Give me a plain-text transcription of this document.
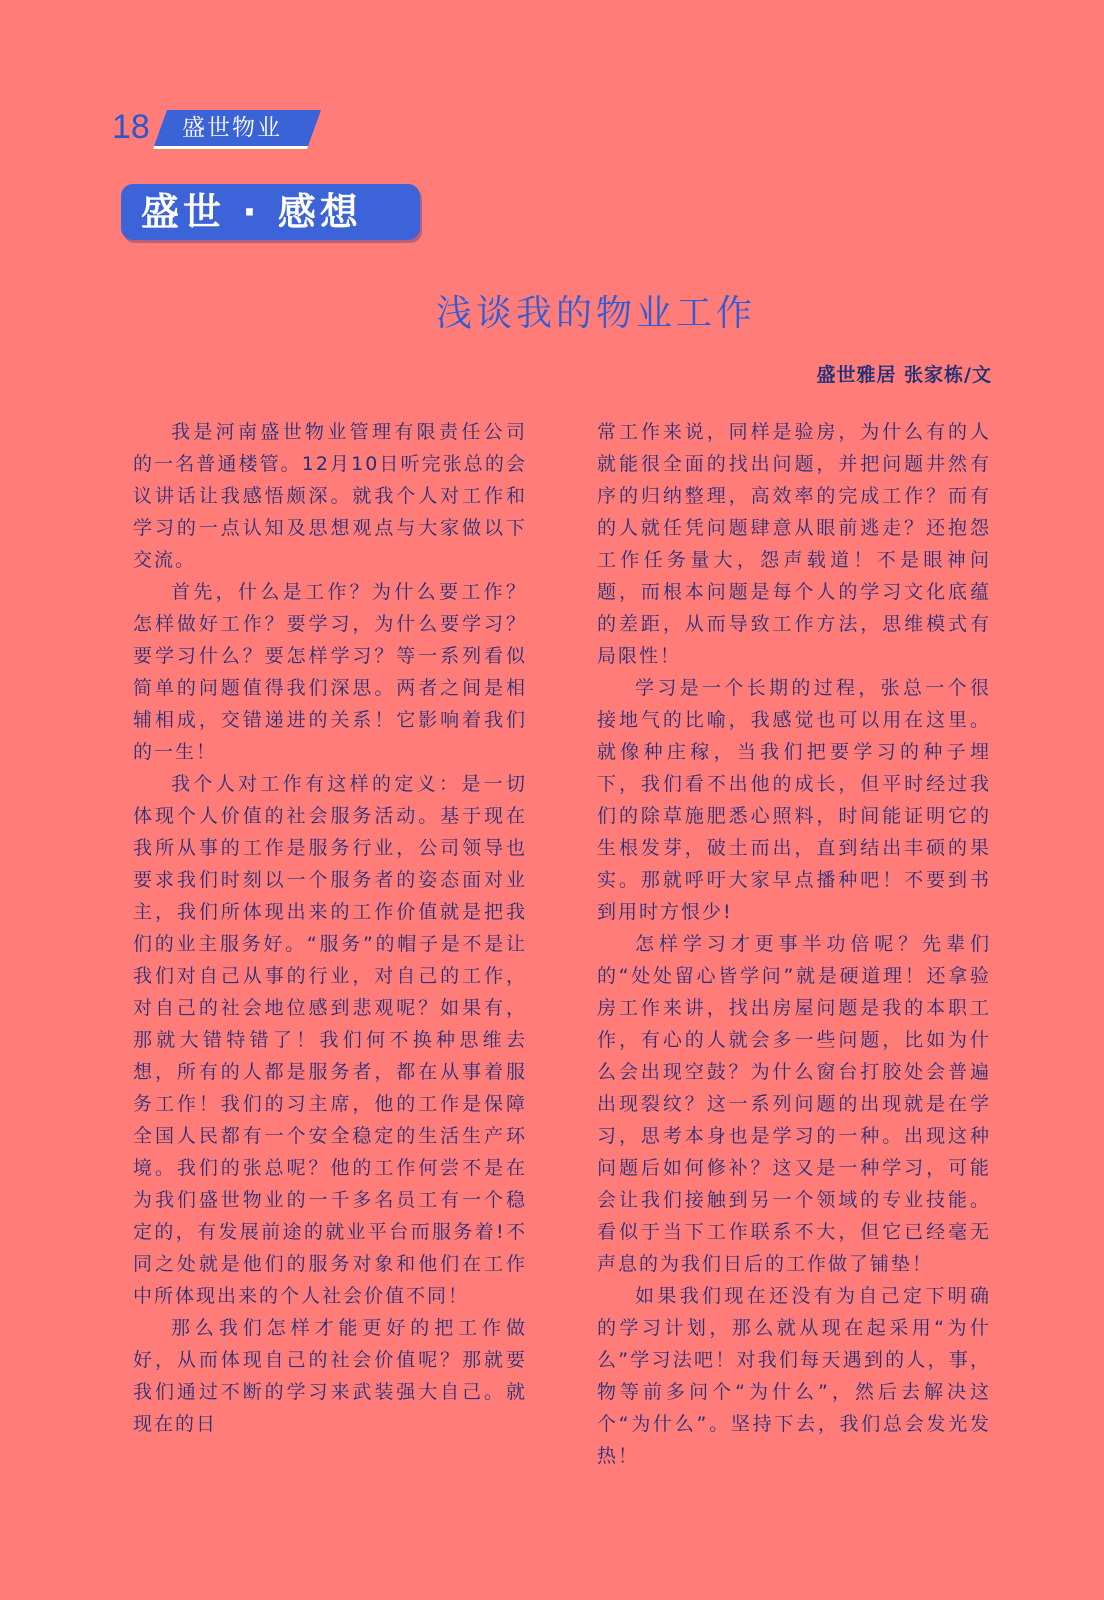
18 盛世物业
盛世 · 感想
浅谈我的物业工作
盛世雅居 张家栋/文

我是河南盛世物业管理有限责任公司的一名普通楼管。12月10日听完张总的会议讲话让我感悟颇深。就我个人对工作和学习的一点认知及思想观点与大家做以下交流。

首先，什么是工作？为什么要工作？怎样做好工作？要学习，为什么要学习？要学习什么？要怎样学习？等一系列看似简单的问题值得我们深思。两者之间是相辅相成，交错递进的关系！它影响着我们的一生！

我个人对工作有这样的定义：是一切体现个人价值的社会服务活动。基于现在我所从事的工作是服务行业，公司领导也要求我们时刻以一个服务者的姿态面对业主，我们所体现出来的工作价值就是把我们的业主服务好。“服务”的帽子是不是让我们对自己从事的行业，对自己的工作，对自己的社会地位感到悲观呢？如果有，那就大错特错了！我们何不换种思维去想，所有的人都是服务者，都在从事着服务工作！我们的习主席，他的工作是保障全国人民都有一个安全稳定的生活生产环境。我们的张总呢？他的工作何尝不是在为我们盛世物业的一千多名员工有一个稳定的，有发展前途的就业平台而服务着!不同之处就是他们的服务对象和他们在工作中所体现出来的个人社会价值不同！

那么我们怎样才能更好的把工作做好，从而体现自己的社会价值呢？那就要我们通过不断的学习来武装强大自己。就现在的日

常工作来说，同样是验房，为什么有的人就能很全面的找出问题，并把问题井然有序的归纳整理，高效率的完成工作？而有的人就任凭问题肆意从眼前逃走？还抱怨工作任务量大，怨声载道！不是眼神问题，而根本问题是每个人的学习文化底蕴的差距，从而导致工作方法，思维模式有局限性！

学习是一个长期的过程，张总一个很接地气的比喻，我感觉也可以用在这里。就像种庄稼，当我们把要学习的种子埋下，我们看不出他的成长，但平时经过我们的除草施肥悉心照料，时间能证明它的生根发芽，破土而出，直到结出丰硕的果实。那就呼吁大家早点播种吧！不要到书到用时方恨少!

怎样学习才更事半功倍呢？先辈们的“处处留心皆学问”就是硬道理！还拿验房工作来讲，找出房屋问题是我的本职工作，有心的人就会多一些问题，比如为什么会出现空鼓？为什么窗台打胶处会普遍出现裂纹？这一系列问题的出现就是在学习，思考本身也是学习的一种。出现这种问题后如何修补？这又是一种学习，可能会让我们接触到另一个领域的专业技能。看似于当下工作联系不大，但它已经毫无声息的为我们日后的工作做了铺垫！

如果我们现在还没有为自己定下明确的学习计划，那么就从现在起采用“为什么”学习法吧！对我们每天遇到的人，事，物等前多问个“为什么”，然后去解决这个“为什么”。坚持下去，我们总会发光发热！
